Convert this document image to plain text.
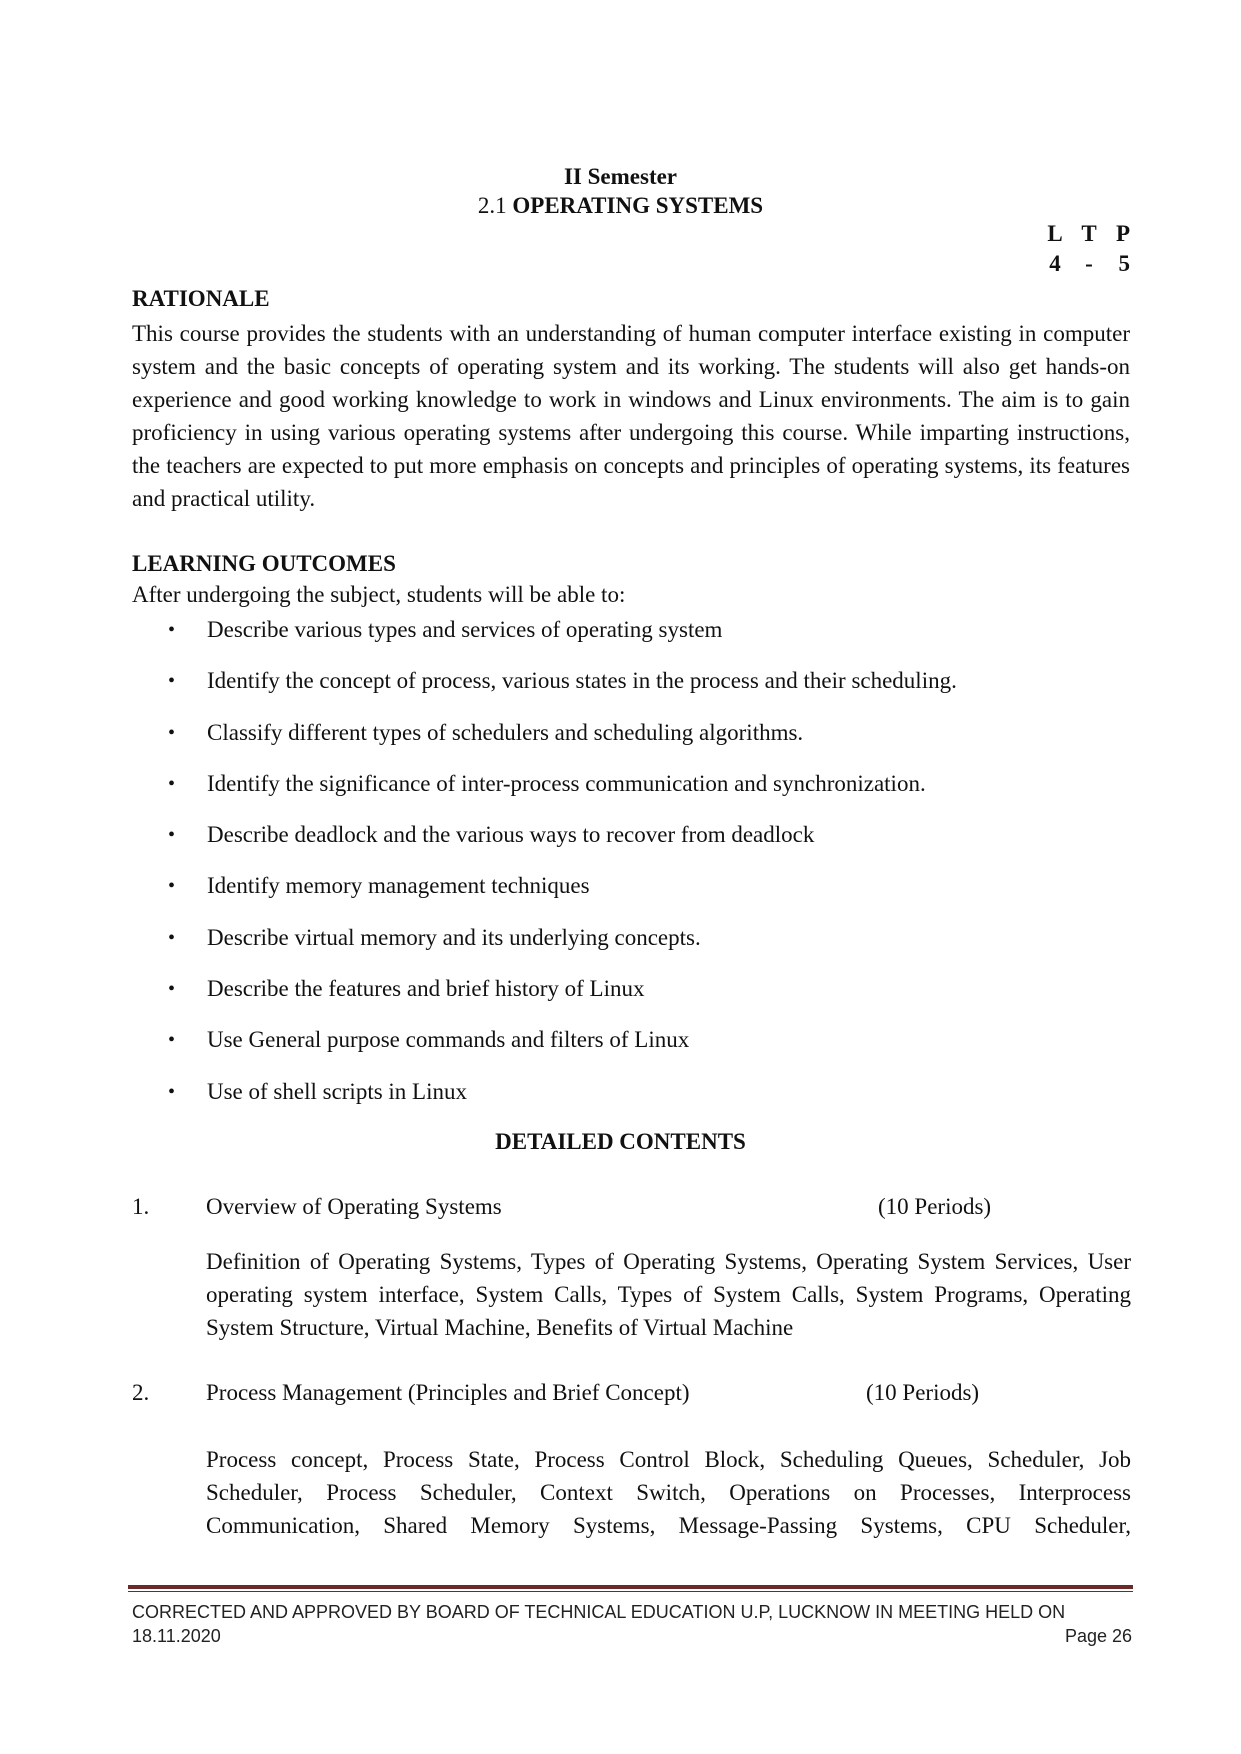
II Semester
2.1 OPERATING SYSTEMS
L T P
4 - 5
RATIONALE
This course provides the students with an understanding of human computer interface existing in computer system and the basic concepts of operating system and its working. The students will also get hands-on experience and good working knowledge to work in windows and Linux environments. The aim is to gain proficiency in using various operating systems after undergoing this course. While imparting instructions, the teachers are expected to put more emphasis on concepts and principles of operating systems, its features and practical utility.
LEARNING OUTCOMES
After undergoing the subject, students will be able to:
• Describe various types and services of operating system
• Identify the concept of process, various states in the process and their scheduling.
• Classify different types of schedulers and scheduling algorithms.
• Identify the significance of inter-process communication and synchronization.
• Describe deadlock and the various ways to recover from deadlock
• Identify memory management techniques
• Describe virtual memory and its underlying concepts.
• Describe the features and brief history of Linux
• Use General purpose commands and filters of Linux
• Use of shell scripts in Linux
DETAILED CONTENTS
1. Overview of Operating Systems	(10 Periods)
Definition of Operating Systems, Types of Operating Systems, Operating System Services, User operating system interface, System Calls, Types of System Calls, System Programs, Operating System Structure, Virtual Machine, Benefits of Virtual Machine
2. Process Management (Principles and Brief Concept)	(10 Periods)
Process concept, Process State, Process Control Block, Scheduling Queues, Scheduler, Job Scheduler, Process Scheduler, Context Switch, Operations on Processes, Interprocess Communication, Shared Memory Systems, Message-Passing Systems, CPU Scheduler,
CORRECTED AND APPROVED BY BOARD OF TECHNICAL EDUCATION U.P, LUCKNOW IN MEETING HELD ON
18.11.2020	Page 26
